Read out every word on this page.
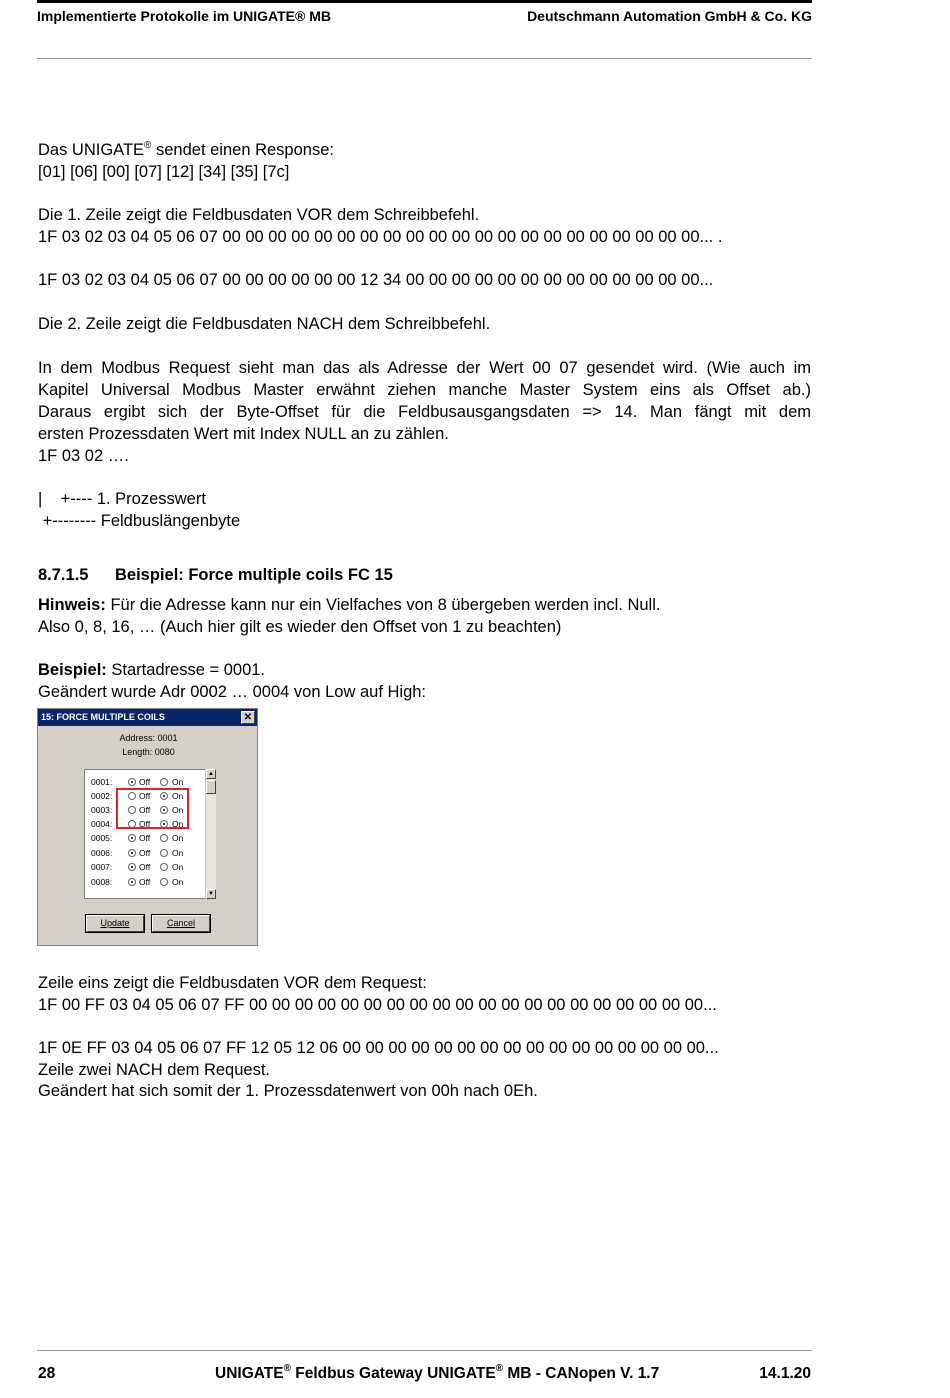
Implementierte Protokolle im UNIGATE® MB	Deutschmann Automation GmbH & Co. KG
Das UNIGATE® sendet einen Response:
[01] [06] [00] [07] [12] [34] [35] [7c]
Die 1. Zeile zeigt die Feldbusdaten VOR dem Schreibbefehl.
1F 03 02 03 04 05 06 07 00 00 00 00 00 00 00 00 00 00 00 00 00 00 00 00 00 00 00 00 00... .
1F 03 02 03 04 05 06 07 00 00 00 00 00 00 12 34 00 00 00 00 00 00 00 00 00 00 00 00 00...
Die 2. Zeile zeigt die Feldbusdaten NACH dem Schreibbefehl.
In dem Modbus Request sieht man das als Adresse der Wert 00 07 gesendet wird. (Wie auch im
Kapitel Universal Modbus Master erwähnt ziehen manche Master System eins als Offset ab.)
Daraus ergibt sich der Byte-Offset für die Feldbusausgangsdaten => 14. Man fängt mit dem
ersten Prozessdaten Wert mit Index NULL an zu zählen.
1F 03 02 ….
|    +---- 1. Prozesswert
+-------- Feldbuslängenbyte
8.7.1.5 Beispiel: Force multiple coils FC 15
Hinweis: Für die Adresse kann nur ein Vielfaches von 8 übergeben werden incl. Null.
Also 0, 8, 16, … (Auch hier gilt es wieder den Offset von 1 zu beachten)
Beispiel: Startadresse = 0001.
Geändert wurde Adr 0002 … 0004 von Low auf High:
15: FORCE MULTIPLE COILS	✕
Address: 0001
Length: 0080
▲
▼
0001:	Off	On
0002:	Off	On
0003:	Off	On
0004:	Off	On
0005:	Off	On
0006:	Off	On
0007:	Off	On
0008:	Off	On
Update	Cancel
Zeile eins zeigt die Feldbusdaten VOR dem Request:
1F 00 FF 03 04 05 06 07 FF 00 00 00 00 00 00 00 00 00 00 00 00 00 00 00 00 00 00 00 00...
1F 0E FF 03 04 05 06 07 FF 12 05 12 06 00 00 00 00 00 00 00 00 00 00 00 00 00 00 00 00...
Zeile zwei NACH dem Request.
Geändert hat sich somit der 1. Prozessdatenwert von 00h nach 0Eh.
28	UNIGATE® Feldbus Gateway UNIGATE® MB - CANopen V. 1.7	14.1.20
